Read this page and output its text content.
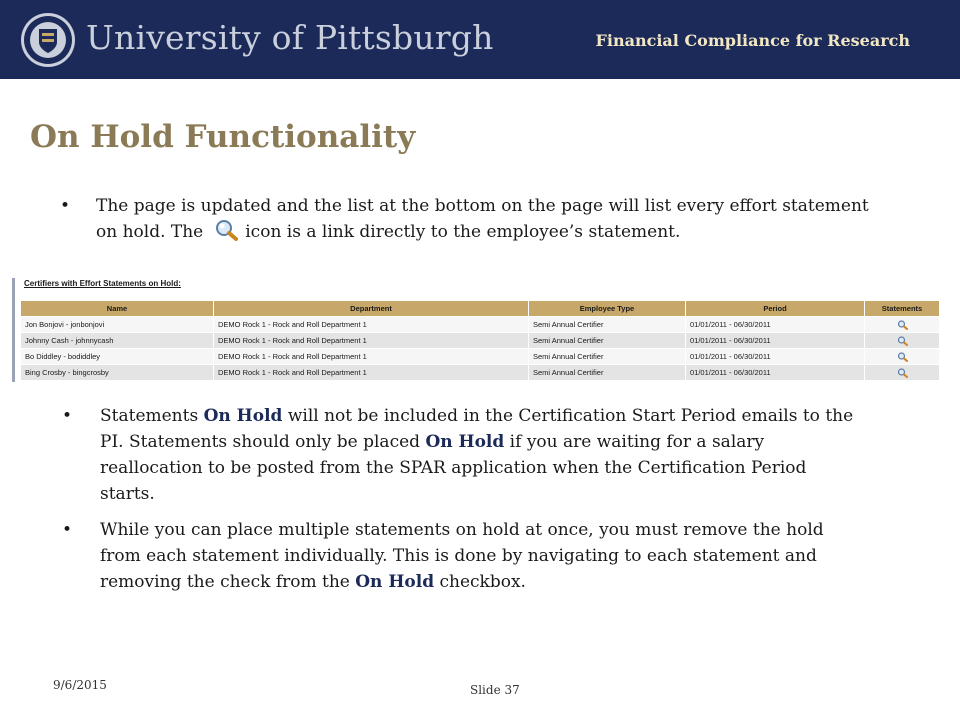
University of Pittsburgh	Financial Compliance for Research
On Hold Functionality
• The page is updated and the list at the bottom on the page will list every effort statement on hold. The icon is a link directly to the employee’s statement.
Certifiers with Effort Statements on Hold:
Name	Department	Employee Type	Period	Statements
Jon Bonjovi - jonbonjovi	DEMO Rock 1 - Rock and Roll Department 1	Semi Annual Certifier	01/01/2011 - 06/30/2011	
Johnny Cash - johnnycash	DEMO Rock 1 - Rock and Roll Department 1	Semi Annual Certifier	01/01/2011 - 06/30/2011	
Bo Diddley - bodiddley	DEMO Rock 1 - Rock and Roll Department 1	Semi Annual Certifier	01/01/2011 - 06/30/2011	
Bing Crosby - bingcrosby	DEMO Rock 1 - Rock and Roll Department 1	Semi Annual Certifier	01/01/2011 - 06/30/2011	
• Statements On Hold will not be included in the Certification Start Period emails to the PI. Statements should only be placed On Hold if you are waiting for a salary reallocation to be posted from the SPAR application when the Certification Period starts.
• While you can place multiple statements on hold at once, you must remove the hold from each statement individually. This is done by navigating to each statement and removing the check from the On Hold checkbox.
9/6/2015	Slide 37
